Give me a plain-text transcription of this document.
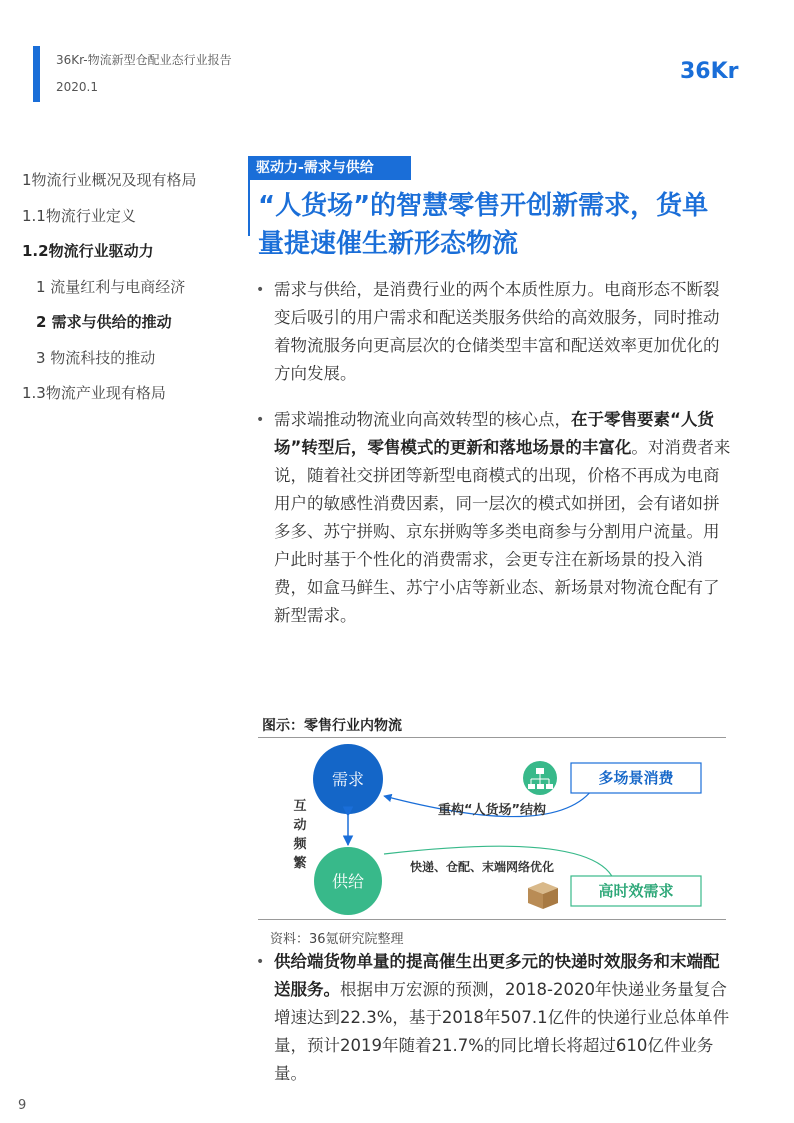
36Kr-物流新型仓配业态行业报告
2020.1
36Kr
1物流行业概况及现有格局
1.1物流行业定义
1.2物流行业驱动力
1 流量红利与电商经济
2 需求与供给的推动
3 物流科技的推动
1.3物流产业现有格局
驱动力-需求与供给
“人货场”的智慧零售开创新需求，货单量提速催生新形态物流
• 需求与供给，是消费行业的两个本质性原力。电商形态不断裂变后吸引的用户需求和配送类服务供给的高效服务，同时推动着物流服务向更高层次的仓储类型丰富和配送效率更加优化的方向发展。
• 需求端推动物流业向高效转型的核心点，在于零售要素“人货场”转型后，零售模式的更新和落地场景的丰富化。对消费者来说，随着社交拼团等新型电商模式的出现，价格不再成为电商用户的敏感性消费因素，同一层次的模式如拼团，会有诸如拼多多、苏宁拼购、京东拼购等多类电商参与分割用户流量。用户此时基于个性化的消费需求，会更专注在新场景的投入消费，如盒马鲜生、苏宁小店等新业态、新场景对物流仓配有了新型需求。
图示：零售行业内物流
需求
供给
互
动
频
繁
重构“人货场”结构
快递、仓配、末端网络优化
多场景消费
高时效需求
资料：36氪研究院整理
• 供给端货物单量的提高催生出更多元的快递时效服务和末端配送服务。根据申万宏源的预测，2018-2020年快递业务量复合增速达到22.3%，基于2018年507.1亿件的快递行业总体单件量，预计2019年随着21.7%的同比增长将超过610亿件业务量。
9
